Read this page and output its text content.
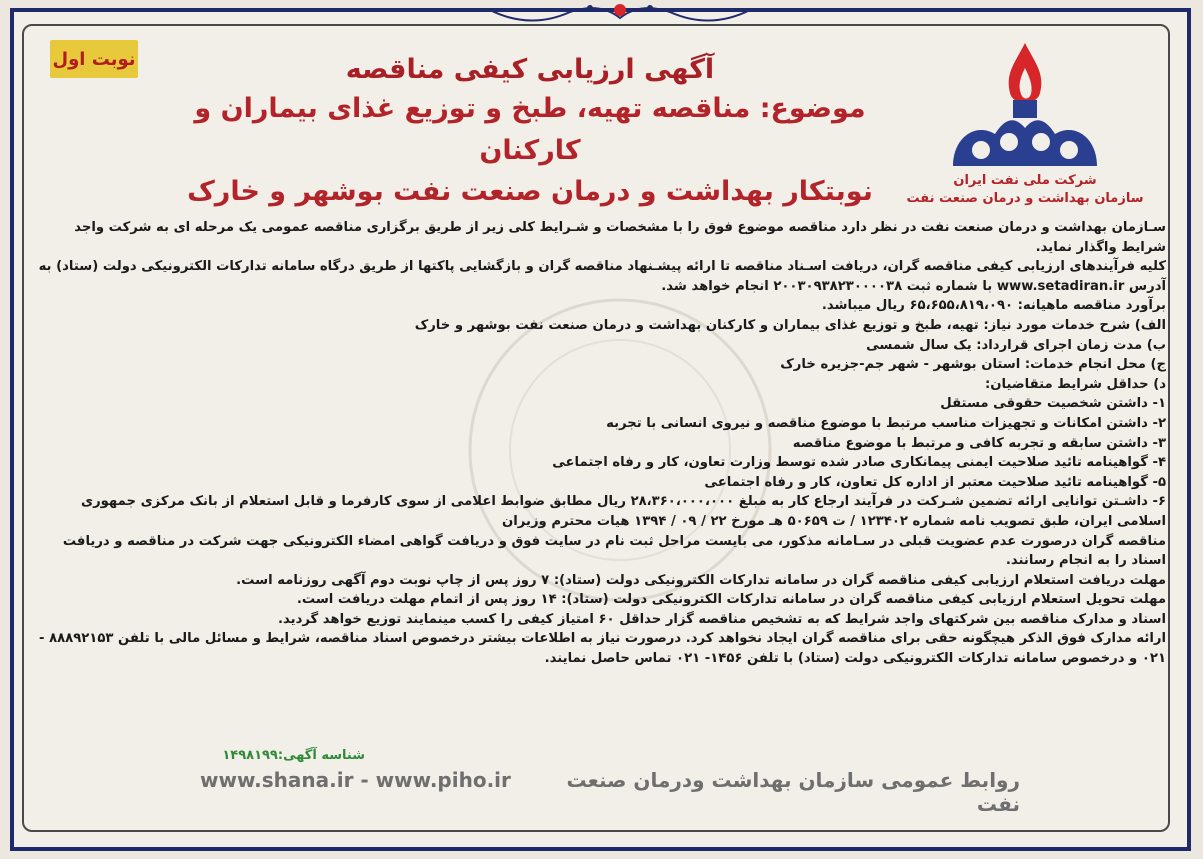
نوبت اول
شرکت ملی نفت ایران
سازمان بهداشت و درمان صنعت نفت
آگهی ارزیابی کیفی مناقصه
موضوع: مناقصه تهیه، طبخ و توزیع غذای بیماران و کارکنان
نوبتکار بهداشت و درمان صنعت نفت بوشهر و خارک

سـازمان بهداشت و درمان صنعت نفت در نظر دارد مناقصه موضوع فوق را با مشخصات و شـرایط کلی زیر از طریق برگزاری مناقصه عمومی یک مرحله ای به شرکت واجد شرایط واگذار نماید.

کلیه فرآیندهای ارزیابی کیفی مناقصه گران، دریافت اسـناد مناقصه تا ارائه پیشـنهاد مناقصه گران و بازگشایی پاکتها از طریق درگاه سامانه تدارکات الکترونیکی دولت (ستاد) به آدرس www.setadiran.ir با شماره ثبت ۲۰۰۳۰۹۳۸۲۳۰۰۰۰۳۸ انجام خواهد شد.

برآورد مناقصه ماهیانه: ۶۵،۶۵۵،۸۱۹،۰۹۰ ریال میباشد.

الف) شرح خدمات مورد نیاز: تهیه، طبخ و توزیع غذای بیماران و کارکنان بهداشت و درمان صنعت نفت بوشهر و خارک

ب) مدت زمان اجرای قرارداد: یک سال شمسی

ج) محل انجام خدمات: استان بوشهر - شهر جم-جزیره خارک

د) حداقل شرایط متقاضیان:

۱- داشتن شخصیت حقوقی مستقل

۲- داشتن امکانات و تجهیزات مناسب مرتبط با موضوع مناقصه و نیروی انسانی با تجربه

۳- داشتن سابقه و تجربه کافی و مرتبط با موضوع مناقصه

۴- گواهینامه تائید صلاحیت ایمنی پیمانکاری صادر شده توسط وزارت تعاون، کار و رفاه اجتماعی

۵- گواهینامه تائید صلاحیت معتبر از اداره کل تعاون، کار و رفاه اجتماعی

۶- داشـتن توانایی ارائه تضمین شـرکت در فرآیند ارجاع کار به مبلغ ۲۸،۳۶۰،۰۰۰،۰۰۰ ریال مطابق ضوابط اعلامی از سوی کارفرما و قابل استعلام از بانک مرکزی جمهوری اسلامی ایران، طبق تصویب نامه شماره ۱۲۳۴۰۲ / ت ۵۰۶۵۹ هـ مورخ ۲۲ / ۰۹ / ۱۳۹۴ هیات محترم وزیران

مناقصه گران درصورت عدم عضویت قبلی در سـامانه مذکور، می بایست مراحل ثبت نام در سایت فوق و دریافت گواهی امضاء الکترونیکی جهت شرکت در مناقصه و دریافت اسناد را به انجام رسانند.

مهلت دریافت استعلام ارزیابی کیفی مناقصه گران در سامانه تدارکات الکترونیکی دولت (ستاد): ۷ روز پس از چاپ نوبت دوم آگهی روزنامه است.

مهلت تحویل استعلام ارزیابی کیفی مناقصه گران در سامانه تدارکات الکترونیکی دولت (ستاد): ۱۴ روز پس از اتمام مهلت دریافت است.

اسناد و مدارک مناقصه بین شرکتهای واجد شرایط که به تشخیص مناقصه گزار حداقل ۶۰ امتیاز کیفی را کسب مینمایند توزیع خواهد گردید.

ارائه مدارک فوق الذکر هیچگونه حقی برای مناقصه گران ایجاد نخواهد کرد. درصورت نیاز به اطلاعات بیشتر درخصوص اسناد مناقصه، شرایط و مسائل مالی با تلفن ۸۸۸۹۲۱۵۳ - ۰۲۱ و درخصوص سامانه تدارکات الکترونیکی دولت (ستاد) با تلفن ۱۴۵۶- ۰۲۱ تماس حاصل نمایند.

شناسه آگهی:۱۴۹۸۱۹۹
روابط عمومی سازمان بهداشت ودرمان صنعت نفت
www.shana.ir - www.piho.ir
